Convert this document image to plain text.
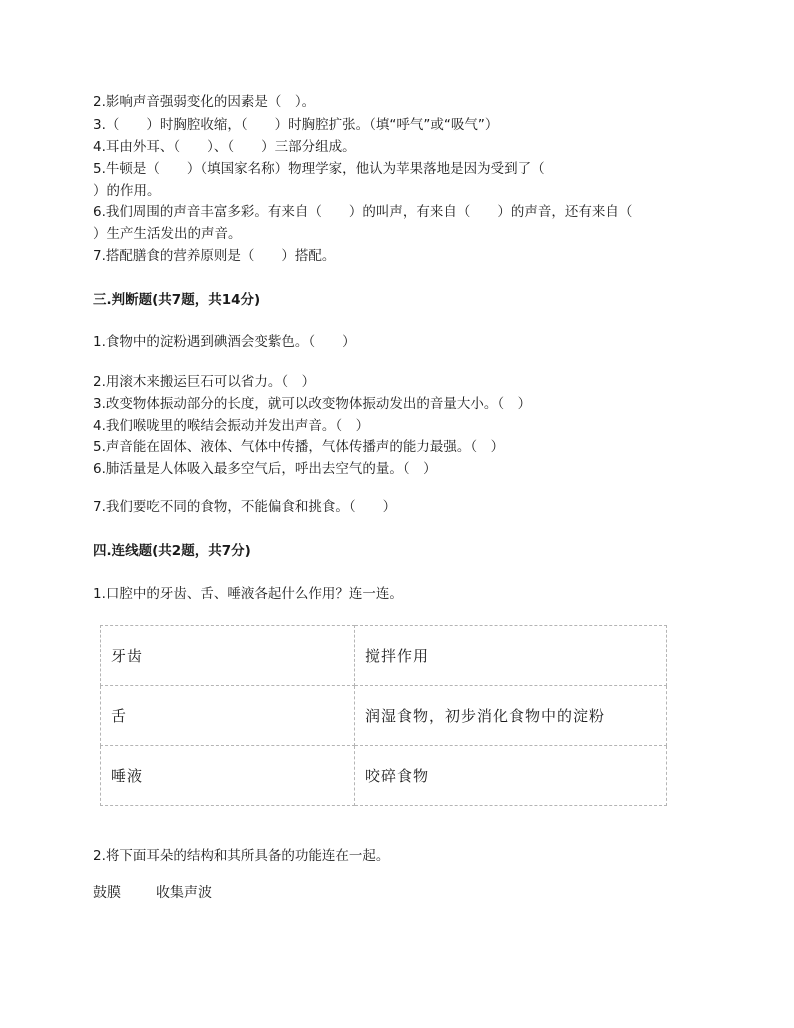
2.影响声音强弱变化的因素是（　）。
3.（　　）时胸腔收缩，（　　）时胸腔扩张。（填“呼气”或“吸气”）
4.耳由外耳、（　　）、（　　）三部分组成。
5.牛顿是（　　）（填国家名称）物理学家，他认为苹果落地是因为受到了（
）的作用。
6.我们周围的声音丰富多彩。有来自（　　）的叫声，有来自（　　）的声音，还有来自（
）生产生活发出的声音。
7.搭配膳食的营养原则是（　　）搭配。
三.判断题(共7题，共14分)
1.食物中的淀粉遇到碘酒会变紫色。（　　）
2.用滚木来搬运巨石可以省力。（　）
3.改变物体振动部分的长度，就可以改变物体振动发出的音量大小。（　）
4.我们喉咙里的喉结会振动并发出声音。（　）
5.声音能在固体、液体、气体中传播，气体传播声的能力最强。（　）
6.肺活量是人体吸入最多空气后，呼出去空气的量。（　）
7.我们要吃不同的食物，不能偏食和挑食。（　　）
四.连线题(共2题，共7分)
1.口腔中的牙齿、舌、唾液各起什么作用？连一连。
牙齿	搅拌作用
舌	润湿食物，初步消化食物中的淀粉
唾液	咬碎食物
2.将下面耳朵的结构和其所具备的功能连在一起。
鼓膜	收集声波
